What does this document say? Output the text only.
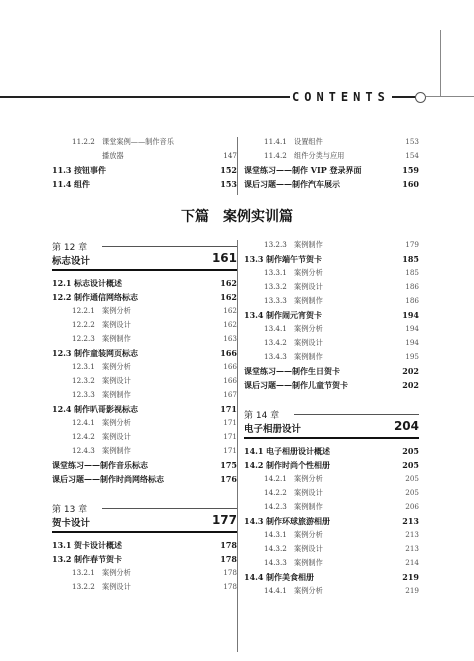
CONTENTS
11.2.2 课堂案例——制作音乐
播放器	147
11.3 按钮事件	152
11.4 组件	153
11.4.1 设置组件	153
11.4.2 组件分类与应用	154
课堂练习——制作 VIP 登录界面	159
课后习题——制作汽车展示	160
下篇 案例实训篇
第 12 章
标志设计	161
12.1 标志设计概述	162
12.2 制作通信网络标志	162
12.2.1 案例分析	162
12.2.2 案例设计	162
12.2.3 案例制作	163
12.3 制作童装网页标志	166
12.3.1 案例分析	166
12.3.2 案例设计	166
12.3.3 案例制作	167
12.4 制作叭哥影视标志	171
12.4.1 案例分析	171
12.4.2 案例设计	171
12.4.3 案例制作	171
课堂练习——制作音乐标志	175
课后习题——制作时尚网络标志	176
第 13 章
贺卡设计	177
13.1 贺卡设计概述	178
13.2 制作春节贺卡	178
13.2.1 案例分析	178
13.2.2 案例设计	178
13.2.3 案例制作	179
13.3 制作端午节贺卡	185
13.3.1 案例分析	185
13.3.2 案例设计	186
13.3.3 案例制作	186
13.4 制作闹元宵贺卡	194
13.4.1 案例分析	194
13.4.2 案例设计	194
13.4.3 案例制作	195
课堂练习——制作生日贺卡	202
课后习题——制作儿童节贺卡	202
第 14 章
电子相册设计	204
14.1 电子相册设计概述	205
14.2 制作时尚个性相册	205
14.2.1 案例分析	205
14.2.2 案例设计	205
14.2.3 案例制作	206
14.3 制作环球旅游相册	213
14.3.1 案例分析	213
14.3.2 案例设计	213
14.3.3 案例制作	214
14.4 制作美食相册	219
14.4.1 案例分析	219
